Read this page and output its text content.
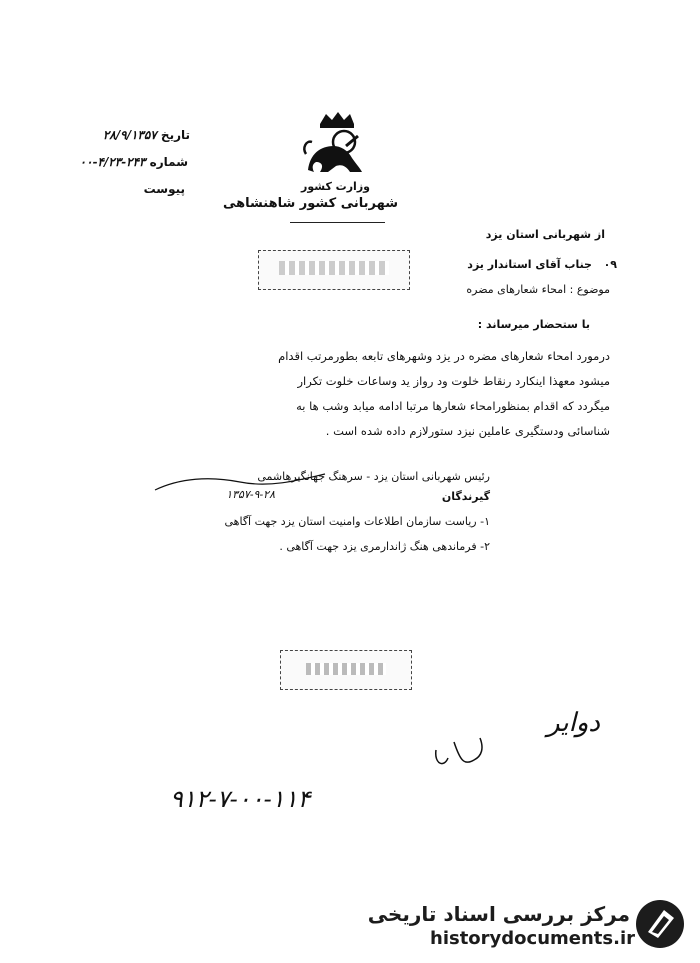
تاریخ ۲۸/۹/۱۳۵۷
شماره ۲۴۳-۴/۲۳-۰۰
پیوست	وزارت کشور
شهربانی کشور شاهنشاهی
از شهربانی استان یزد
۰۹
جناب آقای استاندار یزد
موضوع : امحاء شعارهای مضره
با ستحضار میرساند :
درمورد امحاء شعارهای مضره در یزد وشهرهای تابعه بطورمرتب اقدام
میشود معهذا اینکارد رنقاط خلوت ود رواز ید وساعات خلوت تکرار
میگردد که اقدام بمنظورامحاء شعارها مرتبا ادامه میابد وشب ها به
شناسائی ودستگیری عاملین نیزد ستورلازم داده شده است .
رئیس شهربانی استان یزد - سرهنگ جهانگیرهاشمی
۱۳۵۷-۹-۲۸	گیرندگان
۱- ریاست سازمان اطلاعات وامنیت استان یزد جهت آگاهی
۲- فرماندهی هنگ ژاندارمری یزد جهت آگاهی .
دوایر
۹۱۲-۷-۰۰-۱۱۴
مرکز بررسی اسناد تاریخی
historydocuments.ir
